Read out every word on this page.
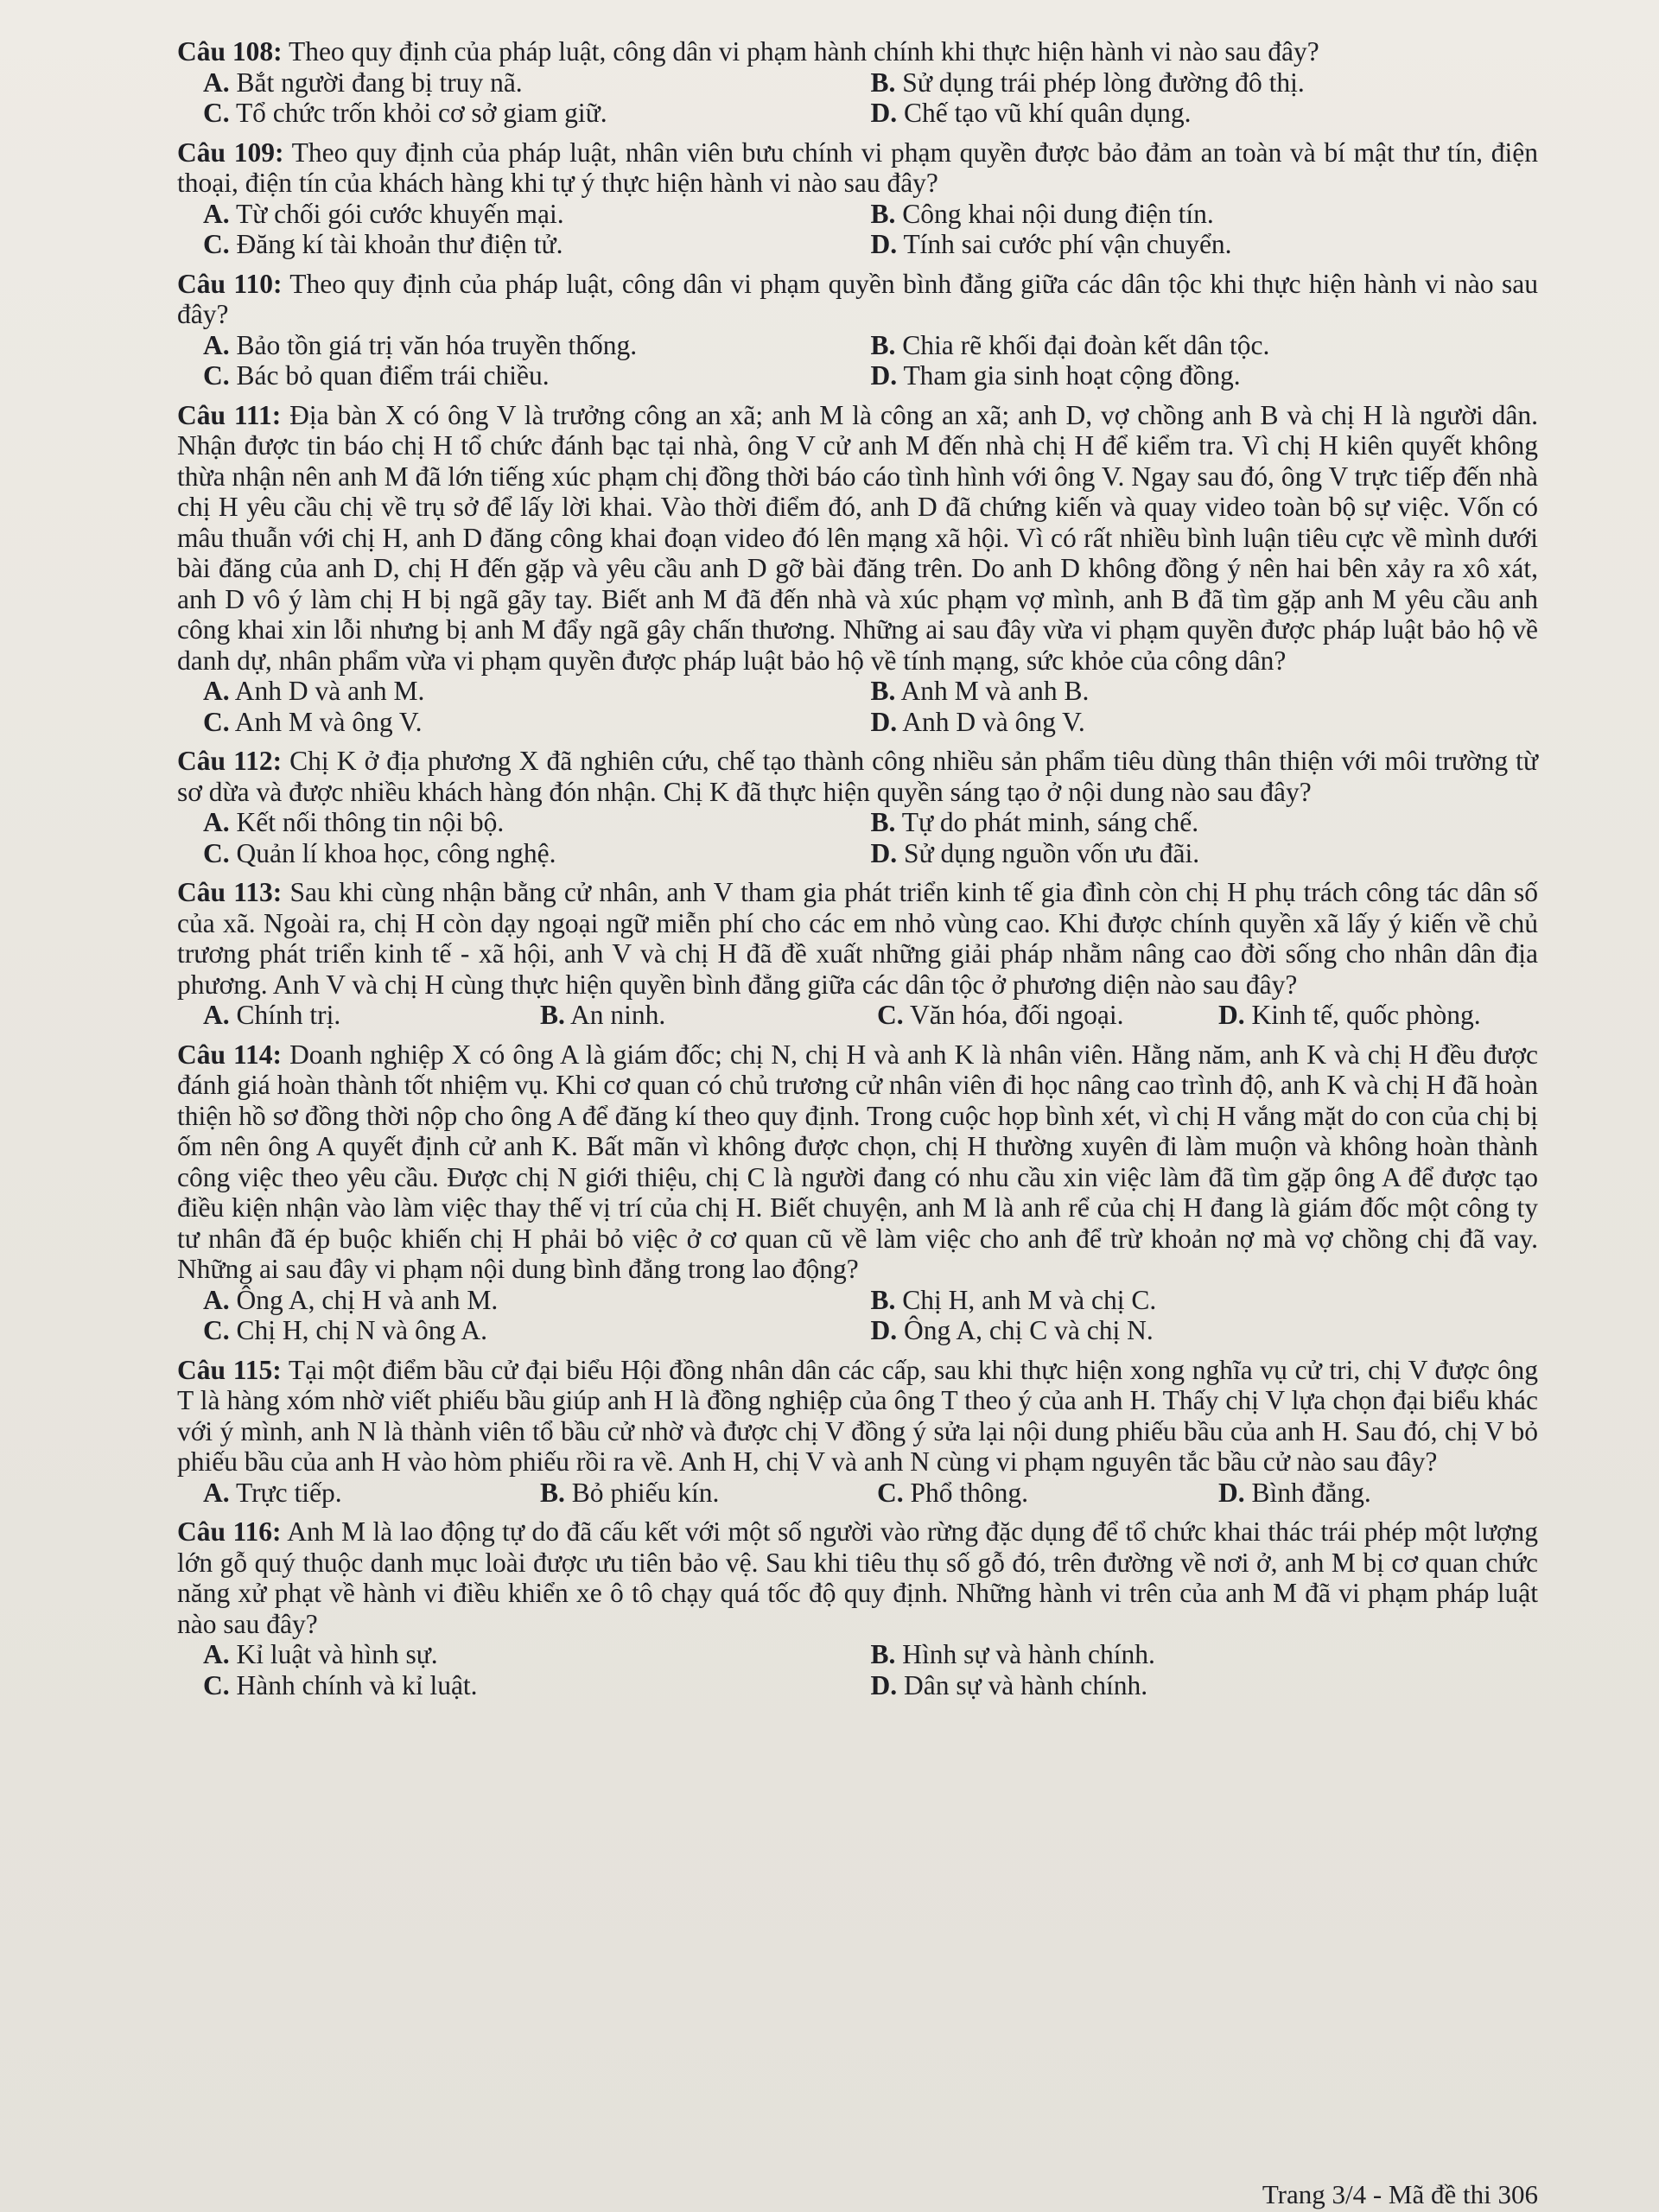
Câu 108: Theo quy định của pháp luật, công dân vi phạm hành chính khi thực hiện hành vi nào sau đây?
A. Bắt người đang bị truy nã.	B. Sử dụng trái phép lòng đường đô thị.
C. Tổ chức trốn khỏi cơ sở giam giữ.	D. Chế tạo vũ khí quân dụng.
Câu 109: Theo quy định của pháp luật, nhân viên bưu chính vi phạm quyền được bảo đảm an toàn và bí mật thư tín, điện thoại, điện tín của khách hàng khi tự ý thực hiện hành vi nào sau đây?
A. Từ chối gói cước khuyến mại.	B. Công khai nội dung điện tín.
C. Đăng kí tài khoản thư điện tử.	D. Tính sai cước phí vận chuyển.
Câu 110: Theo quy định của pháp luật, công dân vi phạm quyền bình đẳng giữa các dân tộc khi thực hiện hành vi nào sau đây?
A. Bảo tồn giá trị văn hóa truyền thống.	B. Chia rẽ khối đại đoàn kết dân tộc.
C. Bác bỏ quan điểm trái chiều.	D. Tham gia sinh hoạt cộng đồng.
Câu 111: Địa bàn X có ông V là trưởng công an xã; anh M là công an xã; anh D, vợ chồng anh B và chị H là người dân. Nhận được tin báo chị H tổ chức đánh bạc tại nhà, ông V cử anh M đến nhà chị H để kiểm tra. Vì chị H kiên quyết không thừa nhận nên anh M đã lớn tiếng xúc phạm chị đồng thời báo cáo tình hình với ông V. Ngay sau đó, ông V trực tiếp đến nhà chị H yêu cầu chị về trụ sở để lấy lời khai. Vào thời điểm đó, anh D đã chứng kiến và quay video toàn bộ sự việc. Vốn có mâu thuẫn với chị H, anh D đăng công khai đoạn video đó lên mạng xã hội. Vì có rất nhiều bình luận tiêu cực về mình dưới bài đăng của anh D, chị H đến gặp và yêu cầu anh D gỡ bài đăng trên. Do anh D không đồng ý nên hai bên xảy ra xô xát, anh D vô ý làm chị H bị ngã gãy tay. Biết anh M đã đến nhà và xúc phạm vợ mình, anh B đã tìm gặp anh M yêu cầu anh công khai xin lỗi nhưng bị anh M đẩy ngã gây chấn thương. Những ai sau đây vừa vi phạm quyền được pháp luật bảo hộ về danh dự, nhân phẩm vừa vi phạm quyền được pháp luật bảo hộ về tính mạng, sức khỏe của công dân?
A. Anh D và anh M.	B. Anh M và anh B.
C. Anh M và ông V.	D. Anh D và ông V.
Câu 112: Chị K ở địa phương X đã nghiên cứu, chế tạo thành công nhiều sản phẩm tiêu dùng thân thiện với môi trường từ sơ dừa và được nhiều khách hàng đón nhận. Chị K đã thực hiện quyền sáng tạo ở nội dung nào sau đây?
A. Kết nối thông tin nội bộ.	B. Tự do phát minh, sáng chế.
C. Quản lí khoa học, công nghệ.	D. Sử dụng nguồn vốn ưu đãi.
Câu 113: Sau khi cùng nhận bằng cử nhân, anh V tham gia phát triển kinh tế gia đình còn chị H phụ trách công tác dân số của xã. Ngoài ra, chị H còn dạy ngoại ngữ miễn phí cho các em nhỏ vùng cao. Khi được chính quyền xã lấy ý kiến về chủ trương phát triển kinh tế - xã hội, anh V và chị H đã đề xuất những giải pháp nhằm nâng cao đời sống cho nhân dân địa phương. Anh V và chị H cùng thực hiện quyền bình đẳng giữa các dân tộc ở phương diện nào sau đây?
A. Chính trị.	B. An ninh.	C. Văn hóa, đối ngoại.	D. Kinh tế, quốc phòng.
Câu 114: Doanh nghiệp X có ông A là giám đốc; chị N, chị H và anh K là nhân viên. Hằng năm, anh K và chị H đều được đánh giá hoàn thành tốt nhiệm vụ. Khi cơ quan có chủ trương cử nhân viên đi học nâng cao trình độ, anh K và chị H đã hoàn thiện hồ sơ đồng thời nộp cho ông A để đăng kí theo quy định. Trong cuộc họp bình xét, vì chị H vắng mặt do con của chị bị ốm nên ông A quyết định cử anh K. Bất mãn vì không được chọn, chị H thường xuyên đi làm muộn và không hoàn thành công việc theo yêu cầu. Được chị N giới thiệu, chị C là người đang có nhu cầu xin việc làm đã tìm gặp ông A để được tạo điều kiện nhận vào làm việc thay thế vị trí của chị H. Biết chuyện, anh M là anh rể của chị H đang là giám đốc một công ty tư nhân đã ép buộc khiến chị H phải bỏ việc ở cơ quan cũ về làm việc cho anh để trừ khoản nợ mà vợ chồng chị đã vay. Những ai sau đây vi phạm nội dung bình đẳng trong lao động?
A. Ông A, chị H và anh M.	B. Chị H, anh M và chị C.
C. Chị H, chị N và ông A.	D. Ông A, chị C và chị N.
Câu 115: Tại một điểm bầu cử đại biểu Hội đồng nhân dân các cấp, sau khi thực hiện xong nghĩa vụ cử tri, chị V được ông T là hàng xóm nhờ viết phiếu bầu giúp anh H là đồng nghiệp của ông T theo ý của anh H. Thấy chị V lựa chọn đại biểu khác với ý mình, anh N là thành viên tổ bầu cử nhờ và được chị V đồng ý sửa lại nội dung phiếu bầu của anh H. Sau đó, chị V bỏ phiếu bầu của anh H vào hòm phiếu rồi ra về. Anh H, chị V và anh N cùng vi phạm nguyên tắc bầu cử nào sau đây?
A. Trực tiếp.	B. Bỏ phiếu kín.	C. Phổ thông.	D. Bình đẳng.
Câu 116: Anh M là lao động tự do đã cấu kết với một số người vào rừng đặc dụng để tổ chức khai thác trái phép một lượng lớn gỗ quý thuộc danh mục loài được ưu tiên bảo vệ. Sau khi tiêu thụ số gỗ đó, trên đường về nơi ở, anh M bị cơ quan chức năng xử phạt về hành vi điều khiển xe ô tô chạy quá tốc độ quy định. Những hành vi trên của anh M đã vi phạm pháp luật nào sau đây?
A. Kỉ luật và hình sự.	B. Hình sự và hành chính.
C. Hành chính và kỉ luật.	D. Dân sự và hành chính.
Trang 3/4 - Mã đề thi 306
